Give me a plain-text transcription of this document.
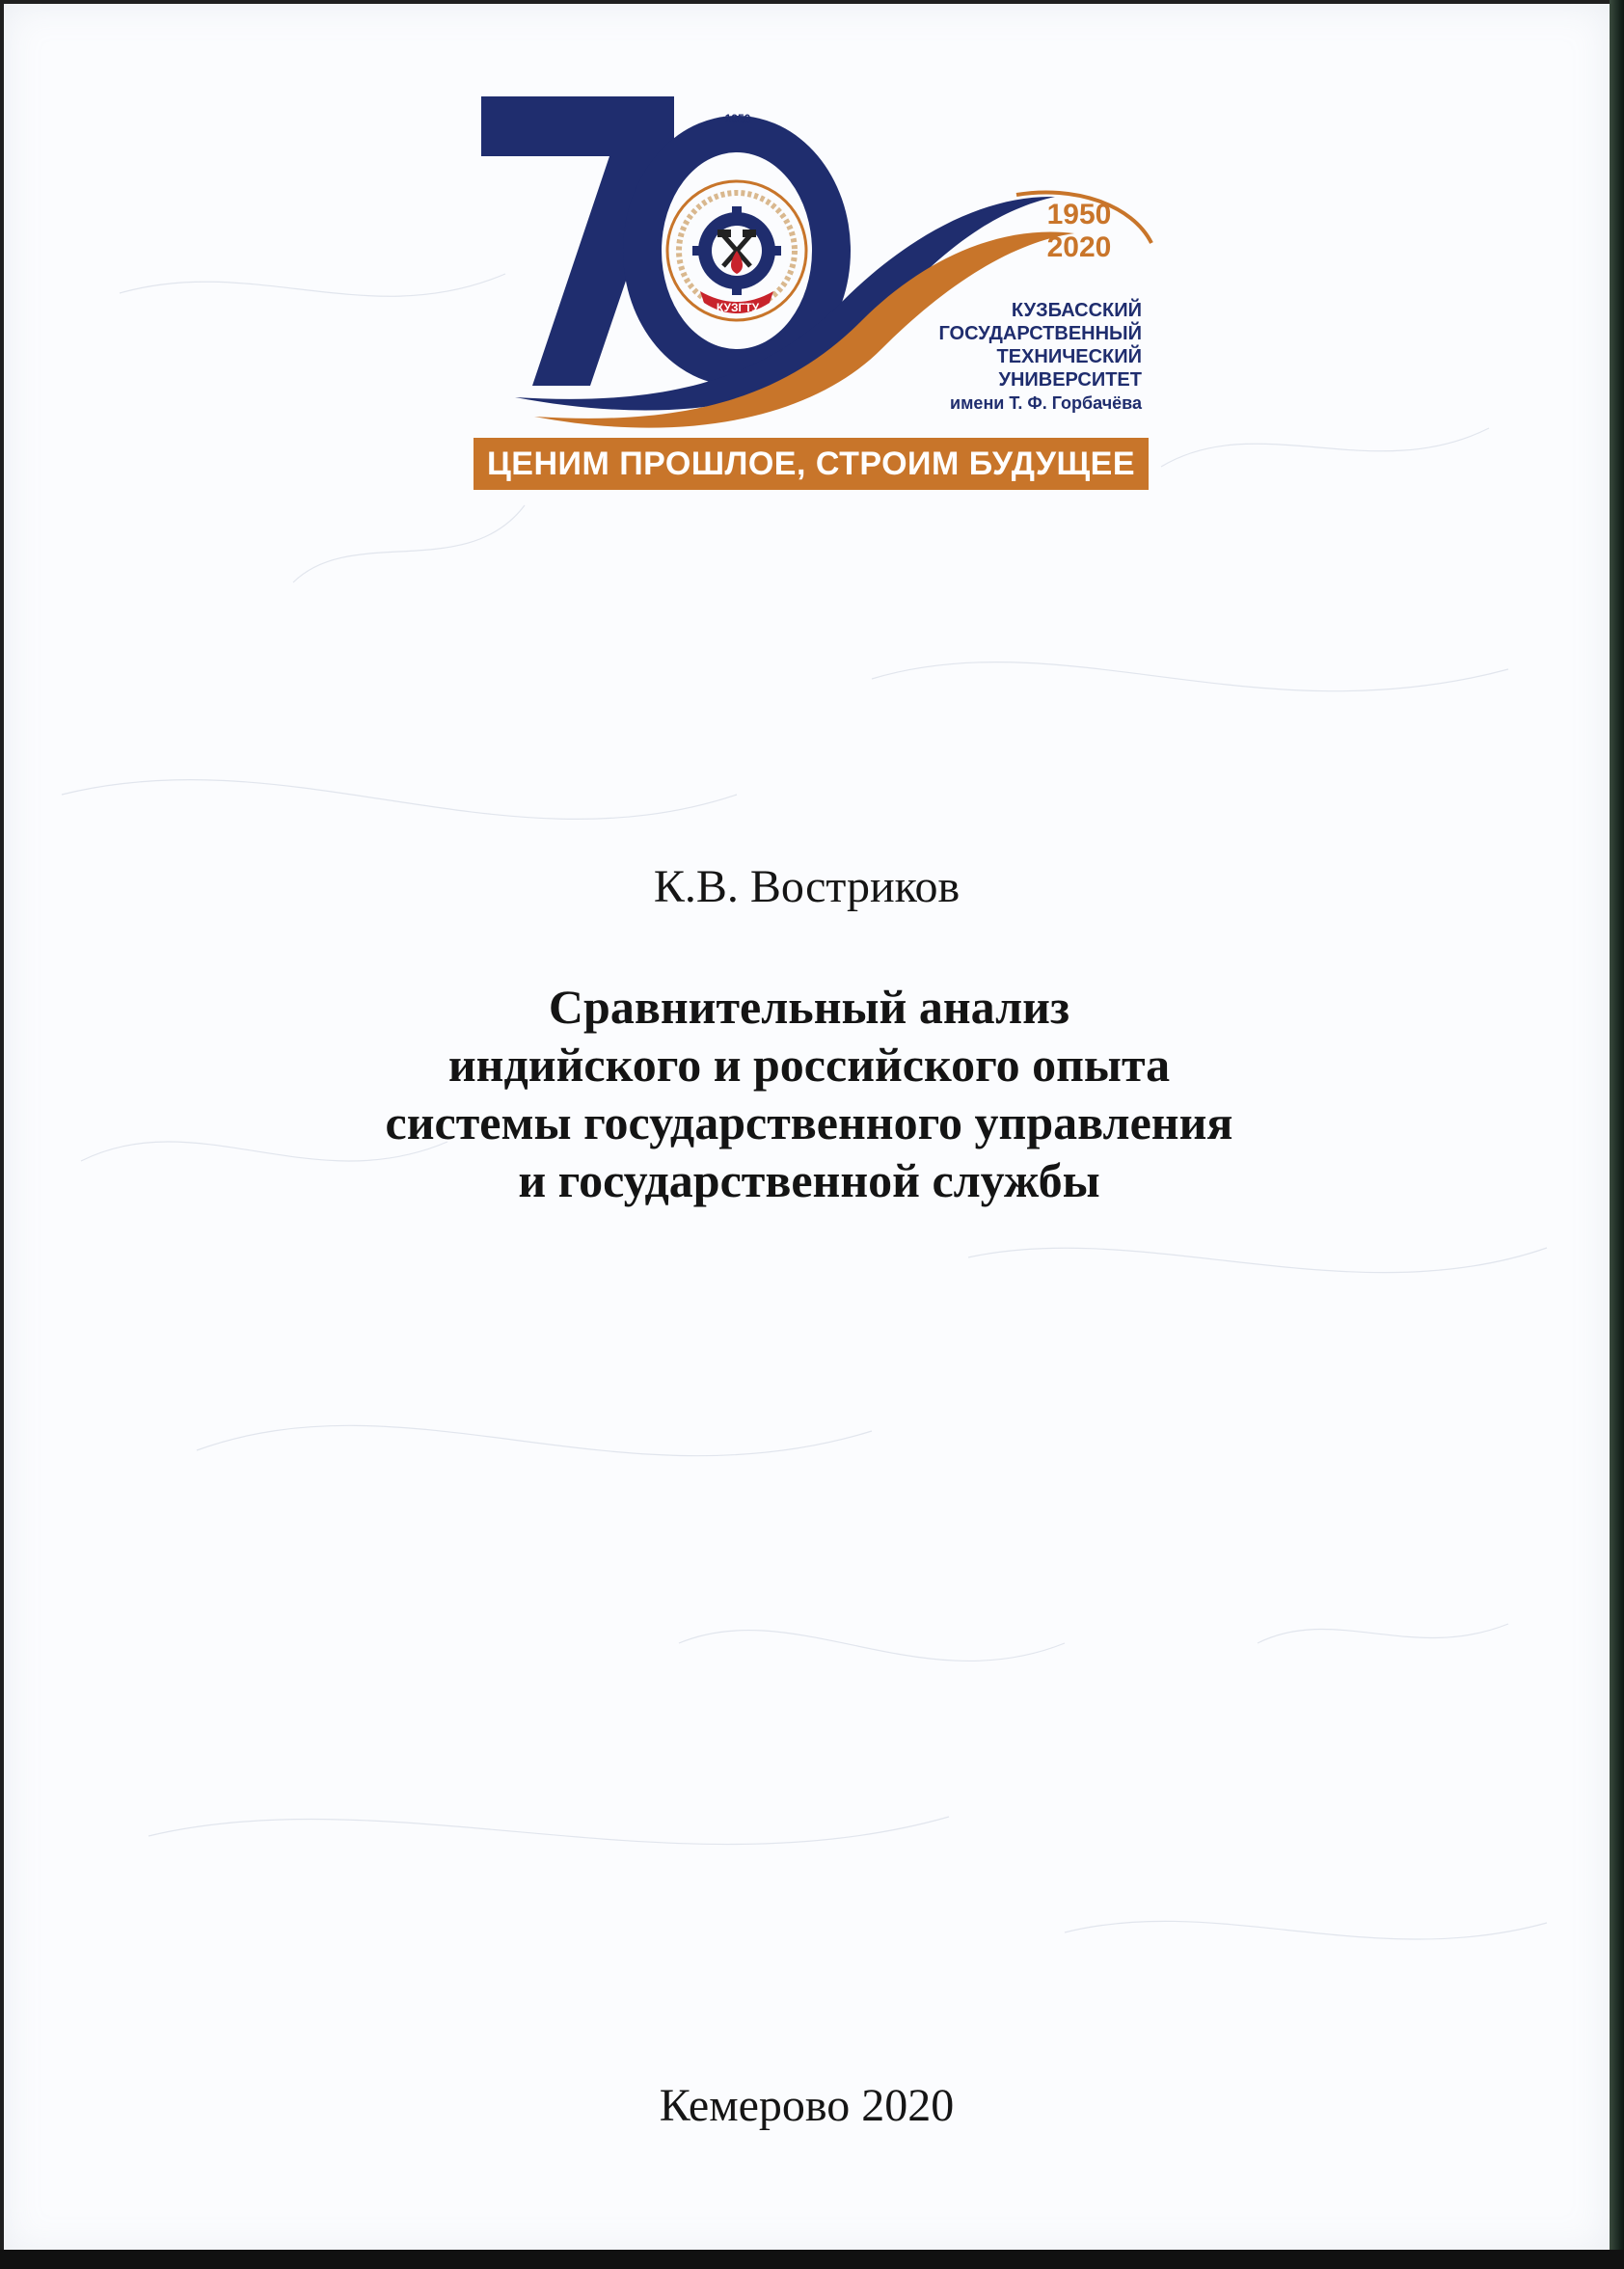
1950
КУЗГТУ
1950
2020
КУЗБАССКИЙ
ГОСУДАРСТВЕННЫЙ
ТЕХНИЧЕСКИЙ
УНИВЕРСИТЕТ
имени Т. Ф. Горбачёва
ЦЕНИМ ПРОШЛОЕ, СТРОИМ БУДУЩЕЕ
К.В. Востриков
Сравнительный анализ
индийского и российского опыта
системы государственного управления
и государственной службы
Кемерово 2020
